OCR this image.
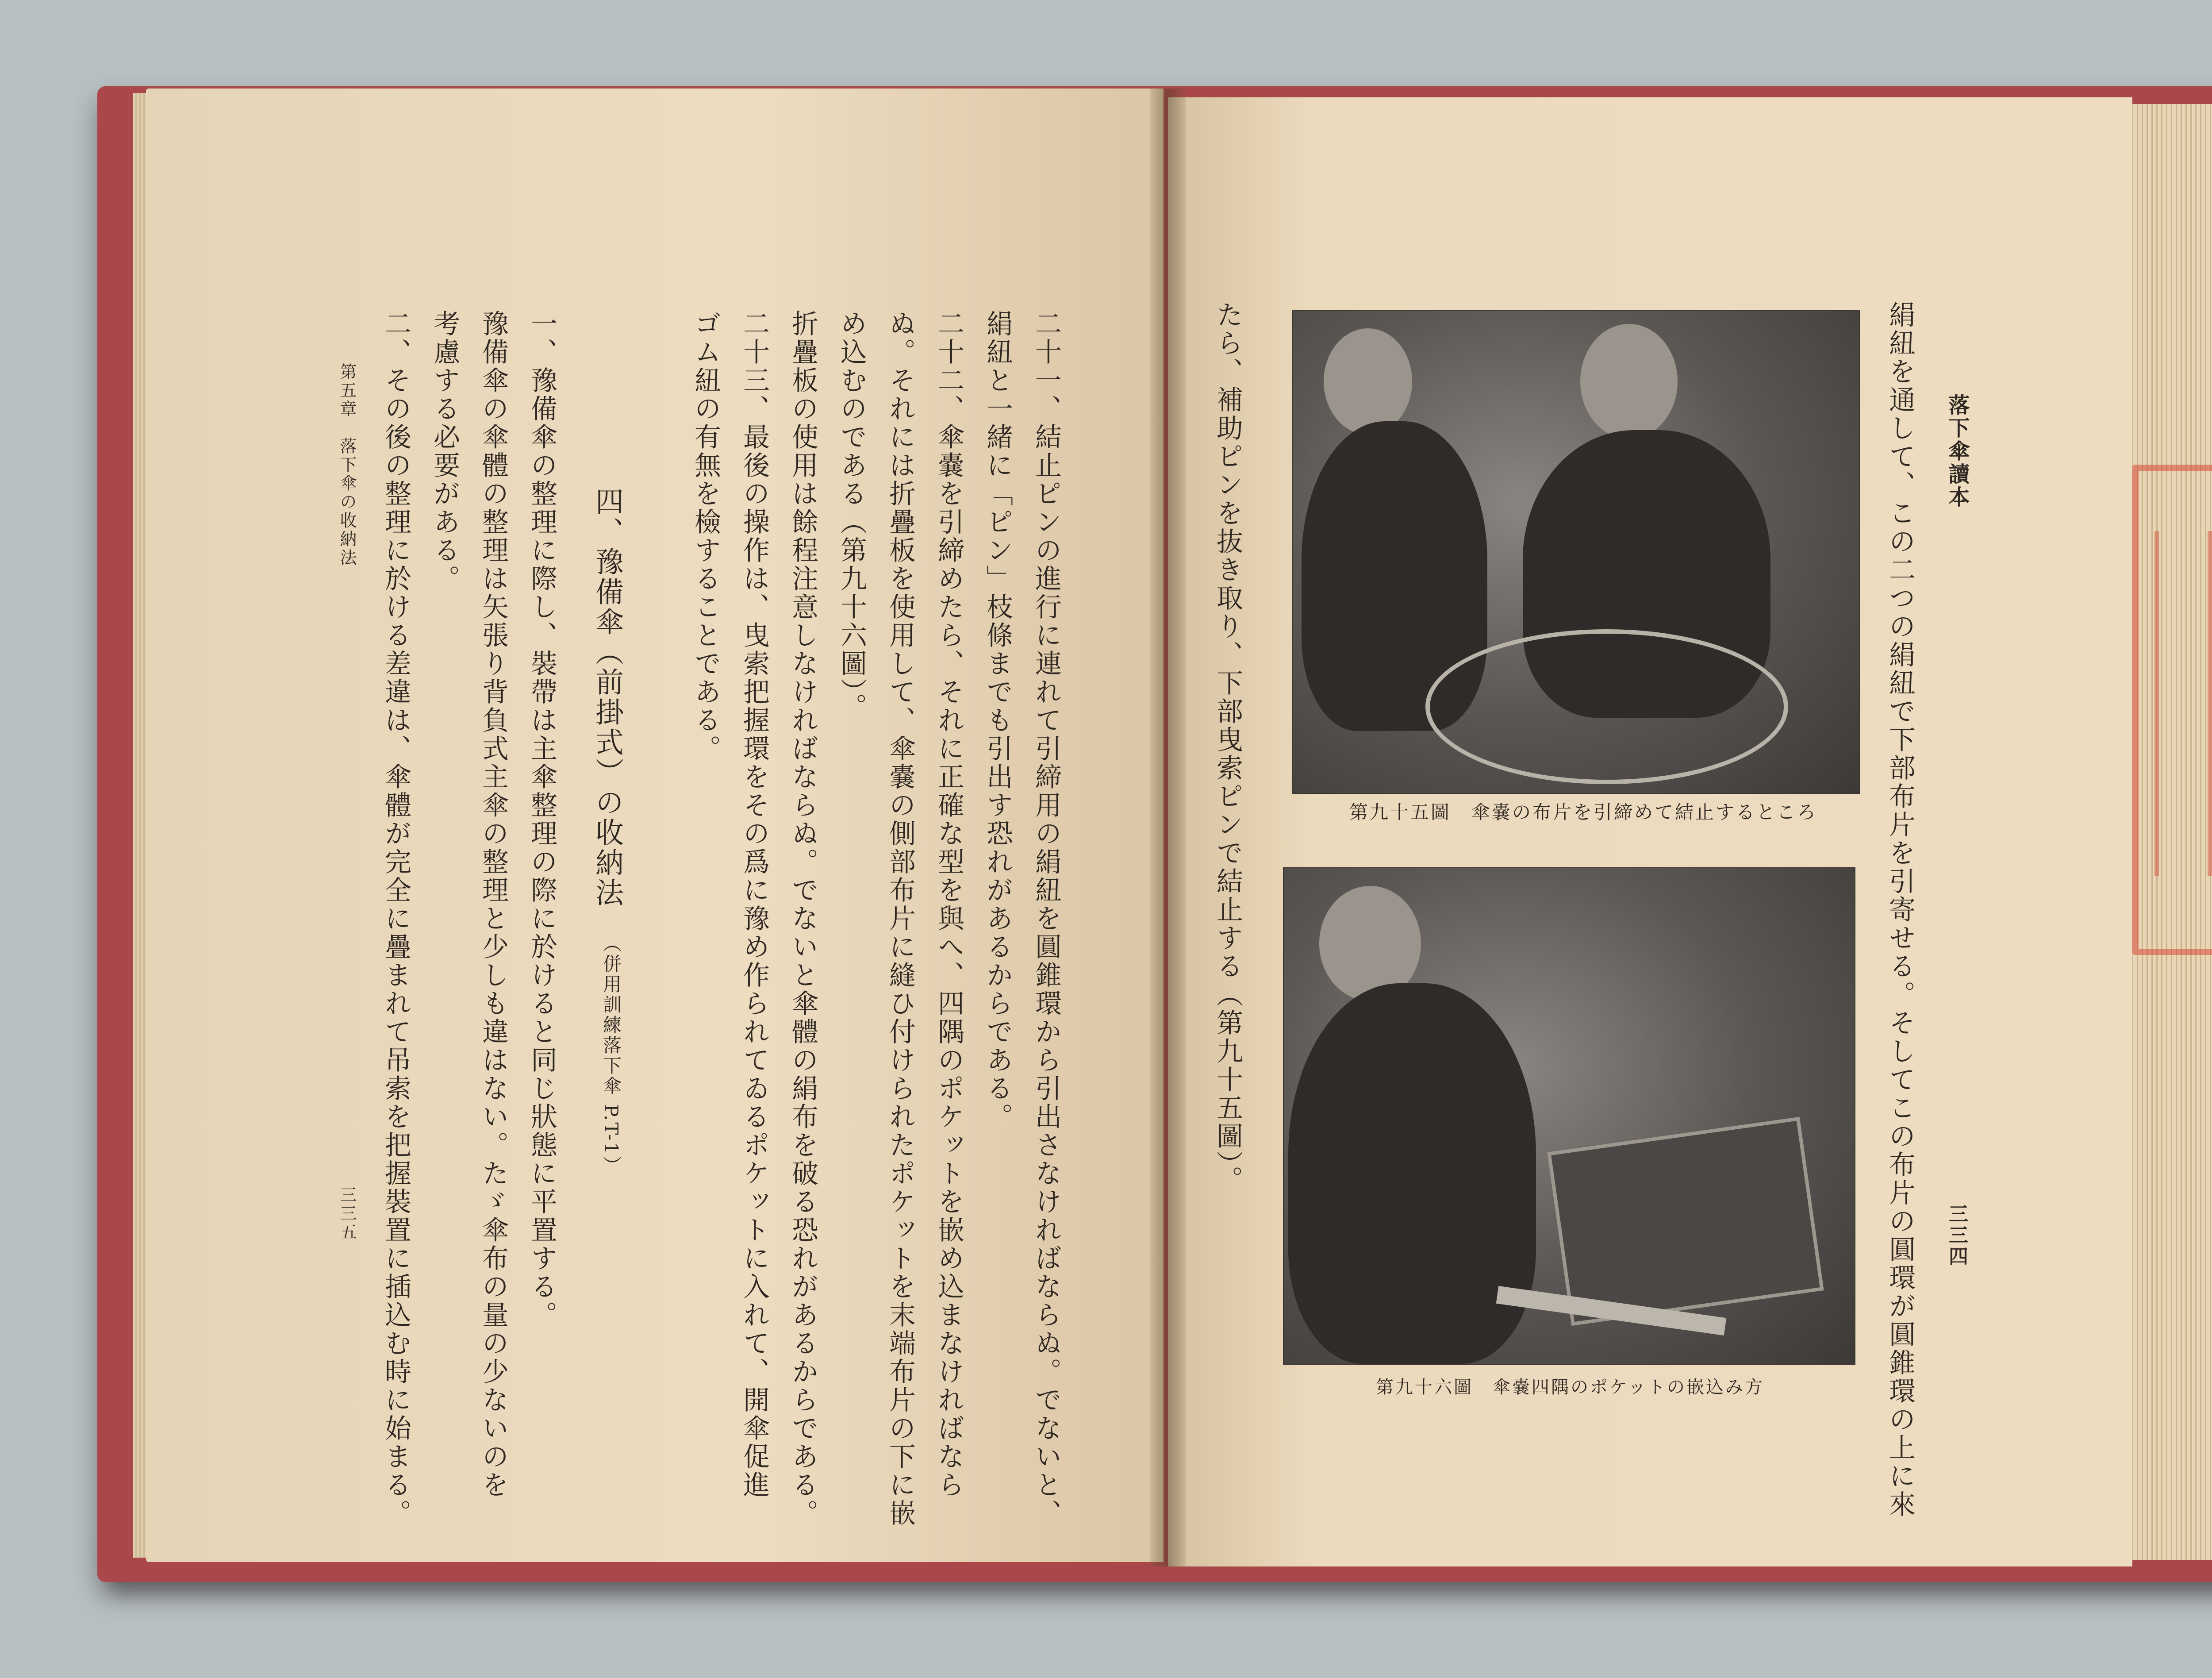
落下傘讀本
三三四
絹紐を通して、この二つの絹紐で下部布片を引寄せる。そしてこの布片の圓環が圓錐環の上に來
たら、補助ピンを抜き取り、下部曳索ピンで結止する（第九十五圖）。	第九十五圖　傘嚢の布片を引締めて結止するところ
第九十六圖　傘嚢四隅のポケットの嵌込み方
二十一、結止ピンの進行に連れて引締用の絹紐を圓錐環から引出さなければならぬ。でないと、
絹紐と一緒に「ピン」枝條までも引出す恐れがあるからである。
二十二、傘嚢を引締めたら、それに正確な型を與へ、四隅のポケットを嵌め込まなければなら
ぬ。それには折疊板を使用して、傘嚢の側部布片に縫ひ付けられたポケットを末端布片の下に嵌
め込むのである（第九十六圖）。
折疊板の使用は餘程注意しなければならぬ。でないと傘體の絹布を破る恐れがあるからである。
二十三、最後の操作は、曳索把握環をその爲に豫め作られてゐるポケットに入れて、開傘促進
ゴム紐の有無を檢することである。
四、豫備傘（前掛式）の收納法
（併用訓練落下傘 P.T-1）
一、豫備傘の整理に際し、裝帶は主傘整理の際に於けると同じ狀態に平置する。
豫備傘の傘體の整理は矢張り背負式主傘の整理と少しも違はない。たゞ傘布の量の少ないのを
考慮する必要がある。
二、その後の整理に於ける差違は、傘體が完全に疊まれて吊索を把握裝置に插込む時に始まる。
第五章　落下傘の收納法
三三五
